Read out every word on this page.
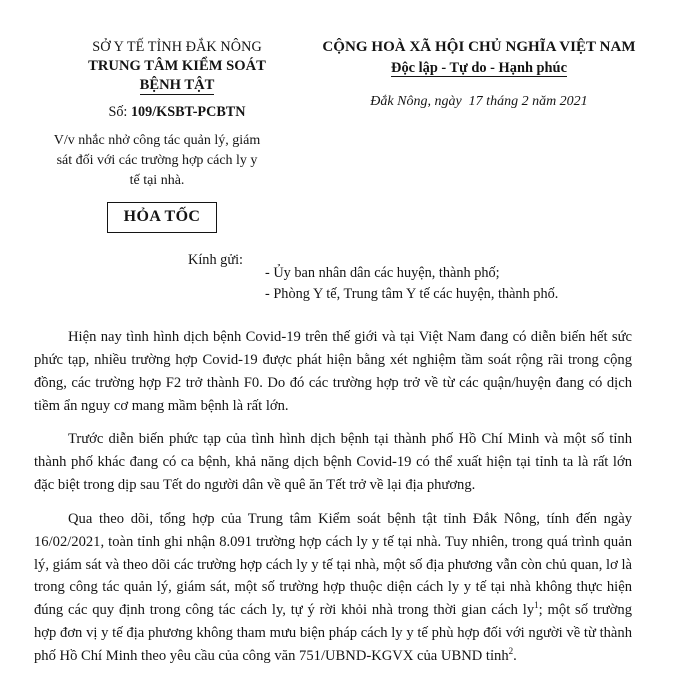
SỞ Y TẾ TỈNH ĐẮK NÔNG
TRUNG TÂM KIỂM SOÁT
BỆNH TẬT
Số: 109/KSBT-PCBTN
CỘNG HOÀ XÃ HỘI CHỦ NGHĨA VIỆT NAM
Độc lập - Tự do - Hạnh phúc
Đắk Nông, ngày  17 tháng 2 năm 2021
V/v nhắc nhở công tác quản lý, giám
sát đối với các trường hợp cách ly y
tế tại nhà.
HỎA TỐC
Kính gửi:
- Ủy ban nhân dân các huyện, thành phố;
- Phòng Y tế, Trung tâm Y tế các huyện, thành phố.

Hiện nay tình hình dịch bệnh Covid-19 trên thế giới và tại Việt Nam đang có diễn biến hết sức phức tạp, nhiều trường hợp Covid-19 được phát hiện bằng xét nghiệm tầm soát rộng rãi trong cộng đồng, các trường hợp F2 trở thành F0. Do đó các trường hợp trở về từ các quận/huyện đang có dịch tiềm ẩn nguy cơ mang mầm bệnh là rất lớn.

Trước diễn biến phức tạp của tình hình dịch bệnh tại thành phố Hồ Chí Minh và một số tỉnh thành phố khác đang có ca bệnh, khả năng dịch bệnh Covid-19 có thể xuất hiện tại tỉnh ta là rất lớn đặc biệt trong dịp sau Tết do người dân về quê ăn Tết trở về lại địa phương.

Qua theo dõi, tổng hợp của Trung tâm Kiểm soát bệnh tật tỉnh Đắk Nông, tính đến ngày 16/02/2021, toàn tỉnh ghi nhận 8.091 trường hợp cách ly y tế tại nhà. Tuy nhiên, trong quá trình quản lý, giám sát và theo dõi các trường hợp cách ly y tế tại nhà, một số địa phương vẫn còn chủ quan, lơ là trong công tác quản lý, giám sát, một số trường hợp thuộc diện cách ly y tế tại nhà không thực hiện đúng các quy định trong công tác cách ly, tự ý rời khỏi nhà trong thời gian cách $ly^1$; một số trường hợp đơn vị y tế địa phương không tham mưu biện pháp cách ly y tế phù hợp đối với người về từ thành phố Hồ Chí Minh theo yêu cầu của công văn 751/UBND-KGVX của UBND tỉnh$^2$.
